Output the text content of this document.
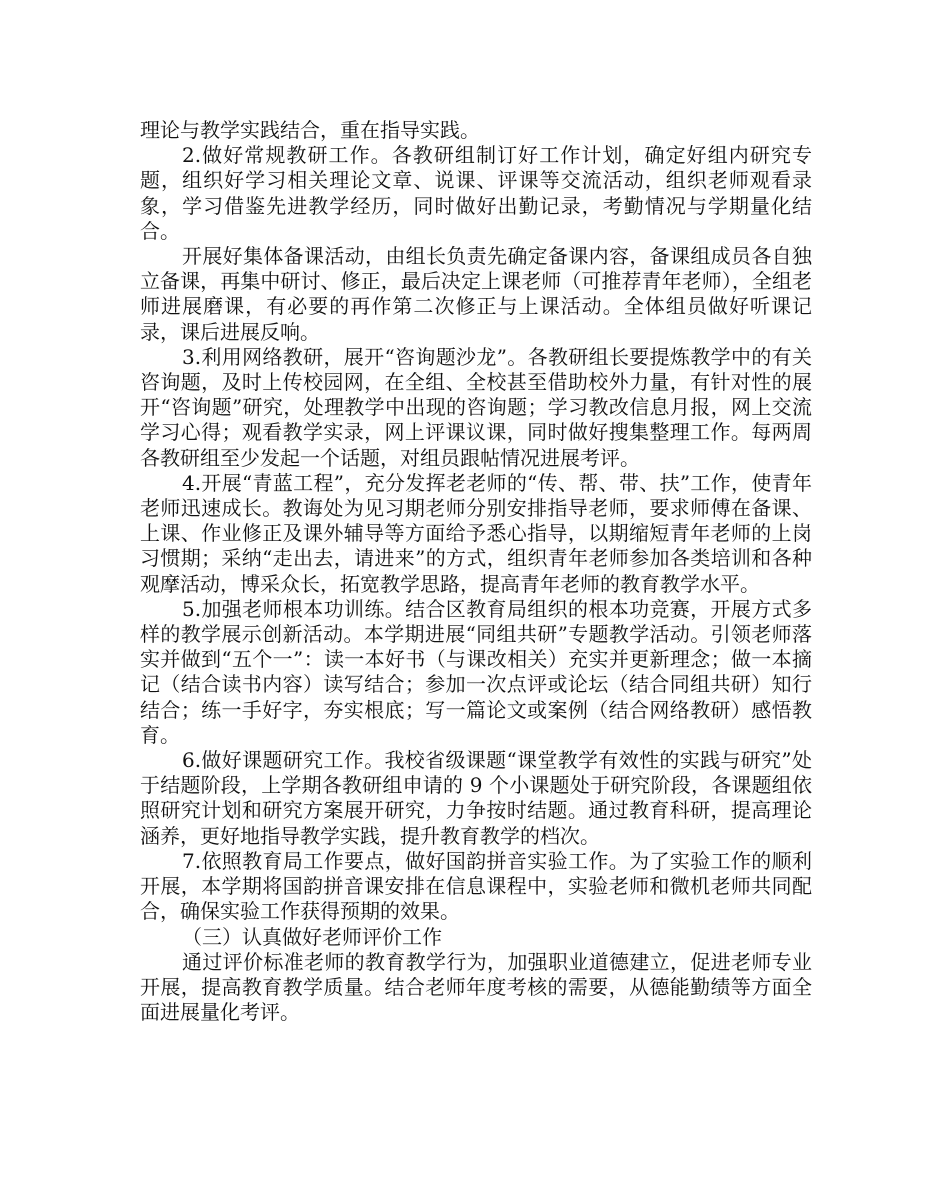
理论与教学实践结合，重在指导实践。

2.做好常规教研工作。各教研组制订好工作计划，确定好组内研究专题，组织好学习相关理论文章、说课、评课等交流活动，组织老师观看录象，学习借鉴先进教学经历，同时做好出勤记录，考勤情况与学期量化结合。

开展好集体备课活动，由组长负责先确定备课内容，备课组成员各自独立备课，再集中研讨、修正，最后决定上课老师（可推荐青年老师），全组老师进展磨课，有必要的再作第二次修正与上课活动。全体组员做好听课记录，课后进展反响。

3.利用网络教研，展开“咨询题沙龙”。各教研组长要提炼教学中的有关咨询题，及时上传校园网，在全组、全校甚至借助校外力量，有针对性的展开“咨询题”研究，处理教学中出现的咨询题；学习教改信息月报，网上交流学习心得；观看教学实录，网上评课议课，同时做好搜集整理工作。每两周各教研组至少发起一个话题，对组员跟帖情况进展考评。

4.开展“青蓝工程”，充分发挥老老师的“传、帮、带、扶”工作，使青年老师迅速成长。教诲处为见习期老师分别安排指导老师，要求师傅在备课、上课、作业修正及课外辅导等方面给予悉心指导，以期缩短青年老师的上岗习惯期；采纳“走出去，请进来”的方式，组织青年老师参加各类培训和各种观摩活动，博采众长，拓宽教学思路，提高青年老师的教育教学水平。

5.加强老师根本功训练。结合区教育局组织的根本功竞赛，开展方式多样的教学展示创新活动。本学期进展“同组共研”专题教学活动。引领老师落实并做到“五个一”：读一本好书（与课改相关）充实并更新理念；做一本摘记（结合读书内容）读写结合；参加一次点评或论坛（结合同组共研）知行结合；练一手好字，夯实根底；写一篇论文或案例（结合网络教研）感悟教育。

6.做好课题研究工作。我校省级课题“课堂教学有效性的实践与研究”处于结题阶段，上学期各教研组申请的 9 个小课题处于研究阶段，各课题组依照研究计划和研究方案展开研究，力争按时结题。通过教育科研，提高理论涵养，更好地指导教学实践，提升教育教学的档次。

7.依照教育局工作要点，做好国韵拼音实验工作。为了实验工作的顺利开展，本学期将国韵拼音课安排在信息课程中，实验老师和微机老师共同配合，确保实验工作获得预期的效果。

（三）认真做好老师评价工作

通过评价标准老师的教育教学行为，加强职业道德建立，促进老师专业开展，提高教育教学质量。结合老师年度考核的需要，从德能勤绩等方面全面进展量化考评。
